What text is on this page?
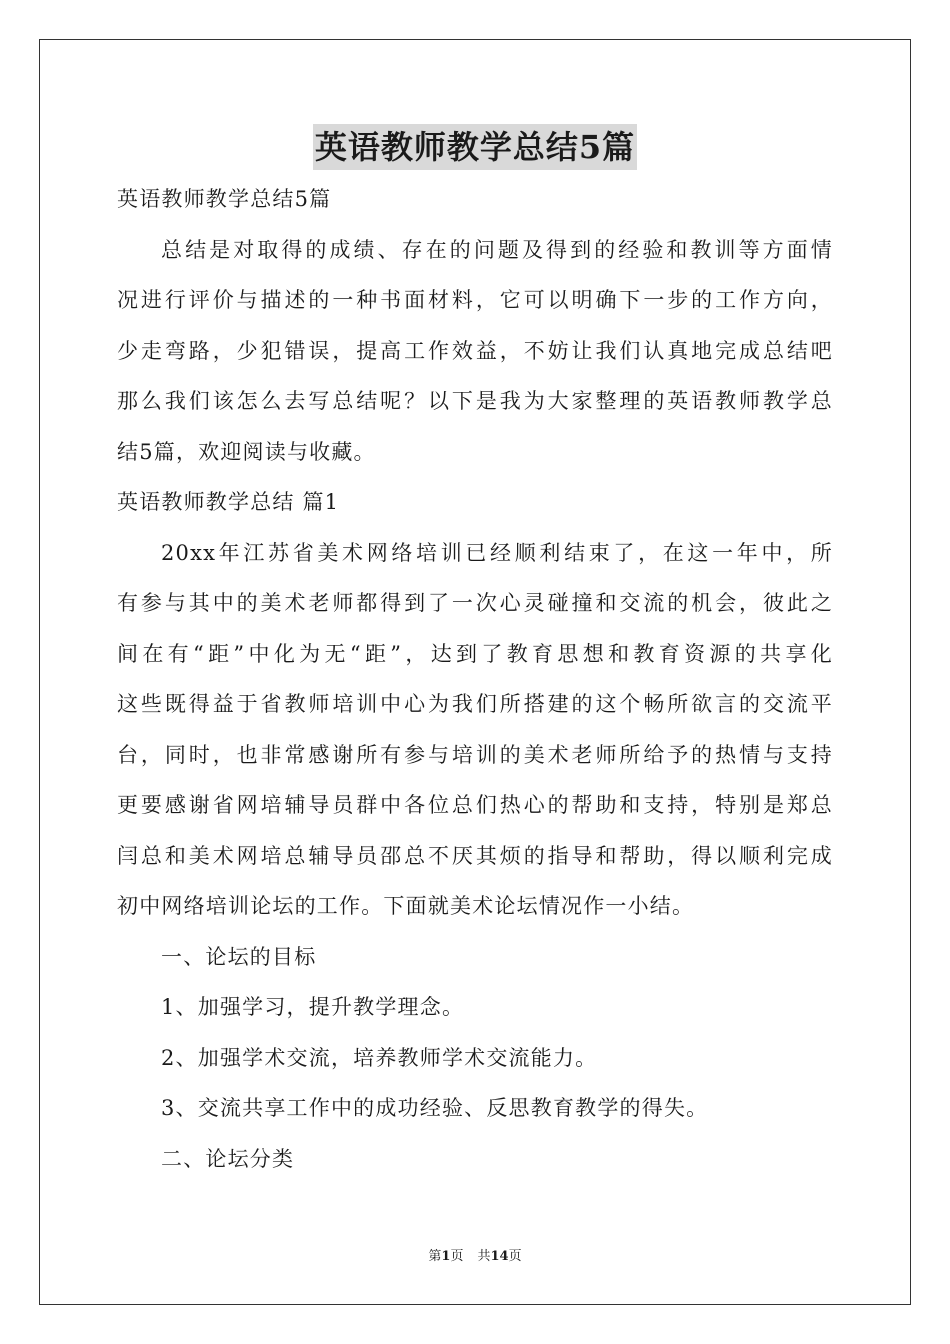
英语教师教学总结5篇
英语教师教学总结5篇
总结是对取得的成绩、存在的问题及得到的经验和教训等方面情
况进行评价与描述的一种书面材料，它可以明确下一步的工作方向，
少走弯路，少犯错误，提高工作效益，不妨让我们认真地完成总结吧
那么我们该怎么去写总结呢？以下是我为大家整理的英语教师教学总
结5篇，欢迎阅读与收藏。
英语教师教学总结 篇1
20xx年江苏省美术网络培训已经顺利结束了，在这一年中，所
有参与其中的美术老师都得到了一次心灵碰撞和交流的机会，彼此之
间在有“距”中化为无“距”，达到了教育思想和教育资源的共享化
这些既得益于省教师培训中心为我们所搭建的这个畅所欲言的交流平
台，同时，也非常感谢所有参与培训的美术老师所给予的热情与支持
更要感谢省网培辅导员群中各位总们热心的帮助和支持，特别是郑总
闫总和美术网培总辅导员邵总不厌其烦的指导和帮助，得以顺利完成
初中网络培训论坛的工作。下面就美术论坛情况作一小结。
一、论坛的目标
1、加强学习，提升教学理念。
2、加强学术交流，培养教师学术交流能力。
3、交流共享工作中的成功经验、反思教育教学的得失。
二、论坛分类
第1页 共14页
